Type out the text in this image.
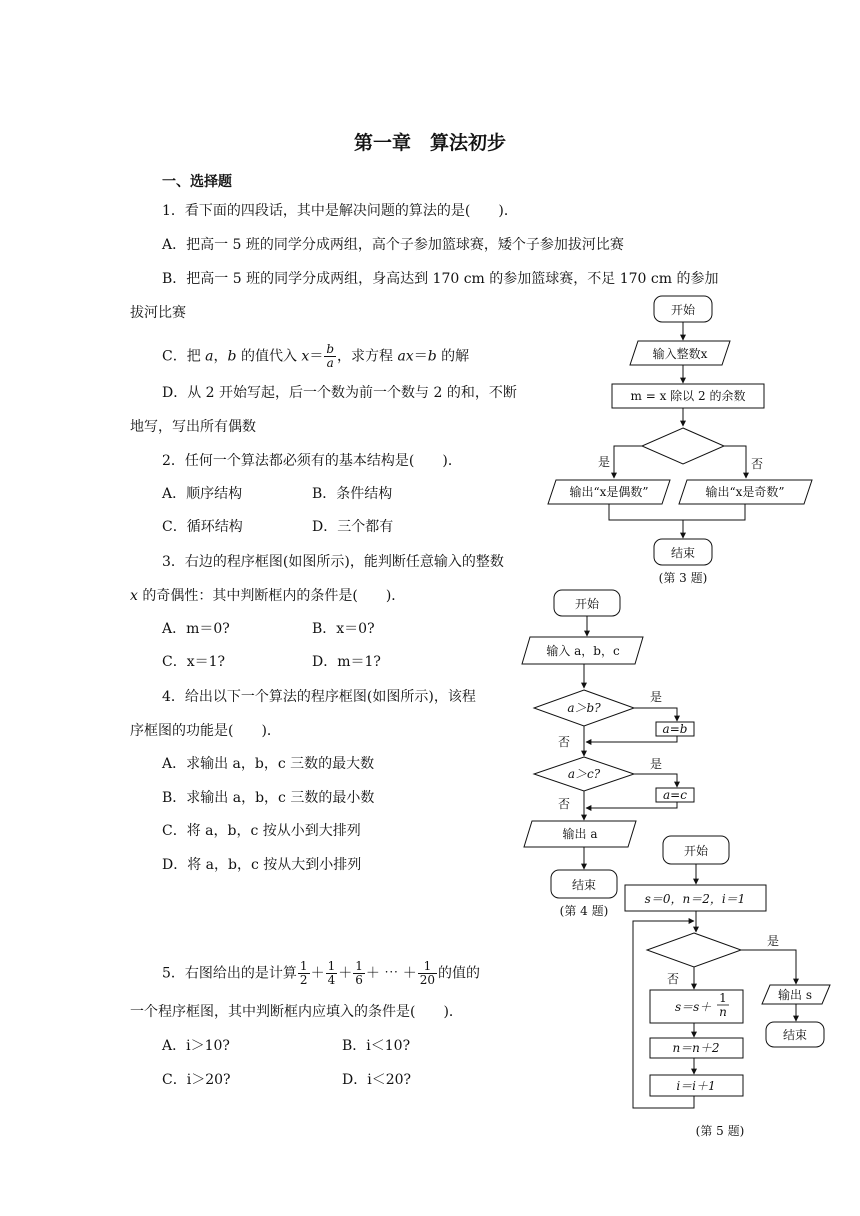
第一章　算法初步
一、选择题
1．看下面的四段话，其中是解决问题的算法的是(　　)．
A．把高一 5 班的同学分成两组，高个子参加篮球赛，矮个子参加拔河比赛
B．把高一 5 班的同学分成两组，身高达到 170 cm 的参加篮球赛，不足 170 cm 的参加
拔河比赛
C．把 a，b 的值代入 $x= \frac{b}{a}$ ，求方程 ax＝b 的解
D．从 2 开始写起，后一个数为前一个数与 2 的和，不断
地写，写出所有偶数
2．任何一个算法都必须有的基本结构是(　　)．
A．顺序结构	B．条件结构
C．循环结构	D．三个都有
3．右边的程序框图(如图所示)，能判断任意输入的整数
x 的奇偶性：其中判断框内的条件是(　　)．
A．m＝0?	B．x＝0?
C．x＝1?	D．m＝1?
4．给出以下一个算法的程序框图(如图所示)，该程
序框图的功能是(　　)．
A．求输出 a，b，c 三数的最大数
B．求输出 a，b，c 三数的最小数
C．将 a，b，c 按从小到大排列
D．将 a，b，c 按从大到小排列
5．右图给出的是计算 $\frac{1}{2} + \frac{1}{4} + \frac{1}{6}$ ＋ ⋯ ＋ $\frac{1}{20}$ 的值的
一个程序框图，其中判断框内应填入的条件是(　　)．
A．i＞10?	B．i＜10?
C．i＞20?	D．i＜20?
开始
输入整数x
m = x 除以 2 的余数
是	否
输出“x是偶数”	输出“x是奇数”
结束
(第 3 题)
开始
输入 a，b，c
a＞b?
是
a=b
否
a＞c?
是
a=c
否
输出 a
结束
(第 4 题)
开始
s＝0，n＝2，i＝1
是
否
s＝s＋
1
n
n＝n＋2
i＝i＋1
输出 s
结束
(第 5 题)
